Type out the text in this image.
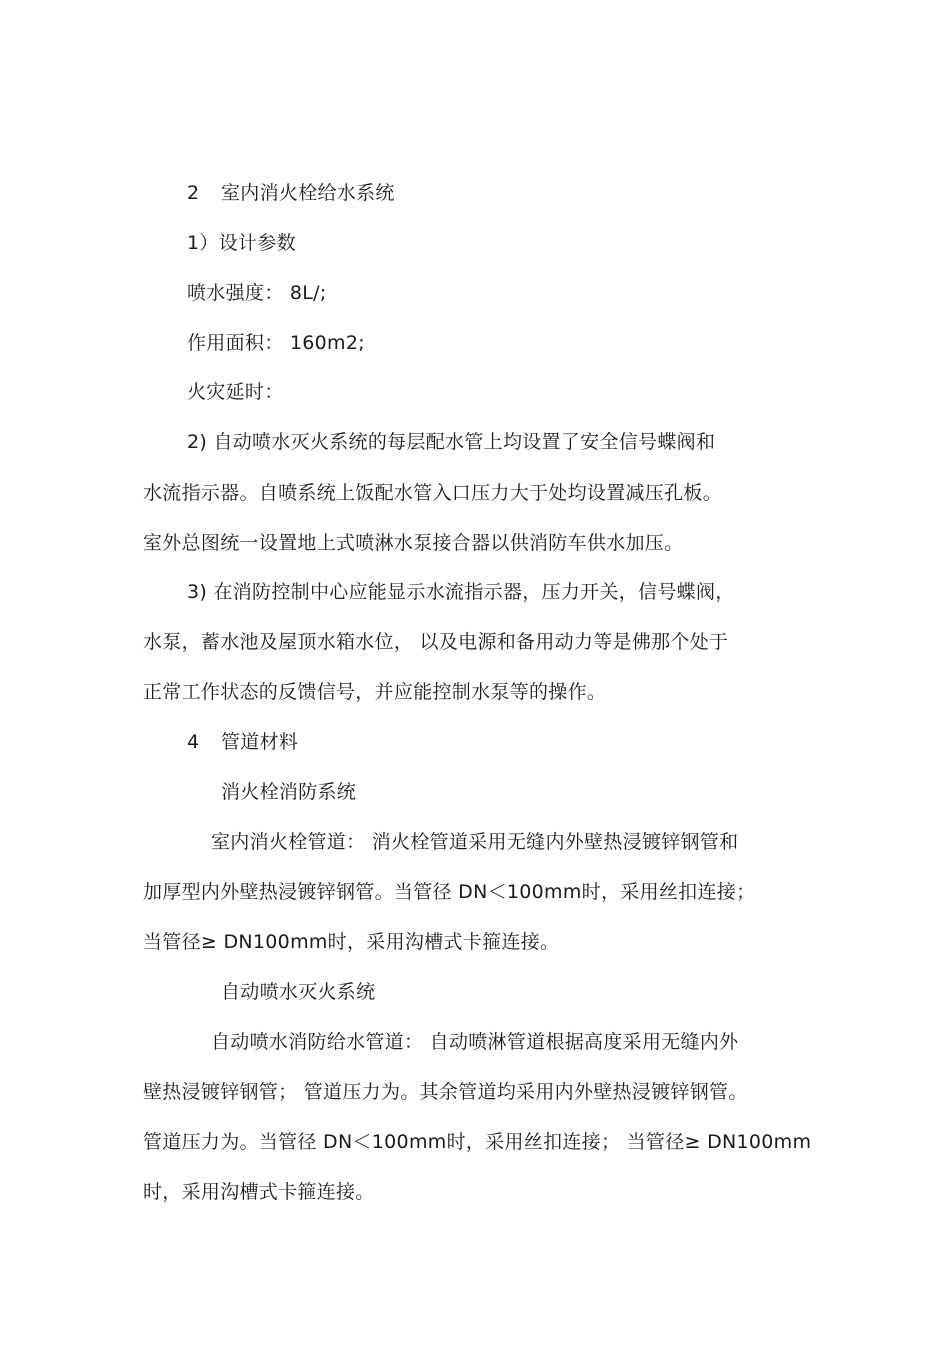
2 室内消火栓给水系统
1）设计参数
喷水强度： 8L/;
作用面积： 160m2;
火灾延时：
2) 自动喷水灭火系统的每层配水管上均设置了安全信号蝶阀和
水流指示器。自喷系统上饭配水管入口压力大于处均设置减压孔板。
室外总图统一设置地上式喷淋水泵接合器以供消防车供水加压。
3) 在消防控制中心应能显示水流指示器，压力开关，信号蝶阀，
水泵，蓄水池及屋顶水箱水位， 以及电源和备用动力等是佛那个处于
正常工作状态的反馈信号，并应能控制水泵等的操作。
4 管道材料
消火栓消防系统
室内消火栓管道： 消火栓管道采用无缝内外壁热浸镀锌钢管和
加厚型内外壁热浸镀锌钢管。当管径 DN＜100mm时，采用丝扣连接；
当管径≥ DN100mm时，采用沟槽式卡箍连接。
自动喷水灭火系统
自动喷水消防给水管道： 自动喷淋管道根据高度采用无缝内外
壁热浸镀锌钢管； 管道压力为。其余管道均采用内外壁热浸镀锌钢管。
管道压力为。当管径 DN＜100mm时，采用丝扣连接； 当管径≥ DN100mm
时，采用沟槽式卡箍连接。
